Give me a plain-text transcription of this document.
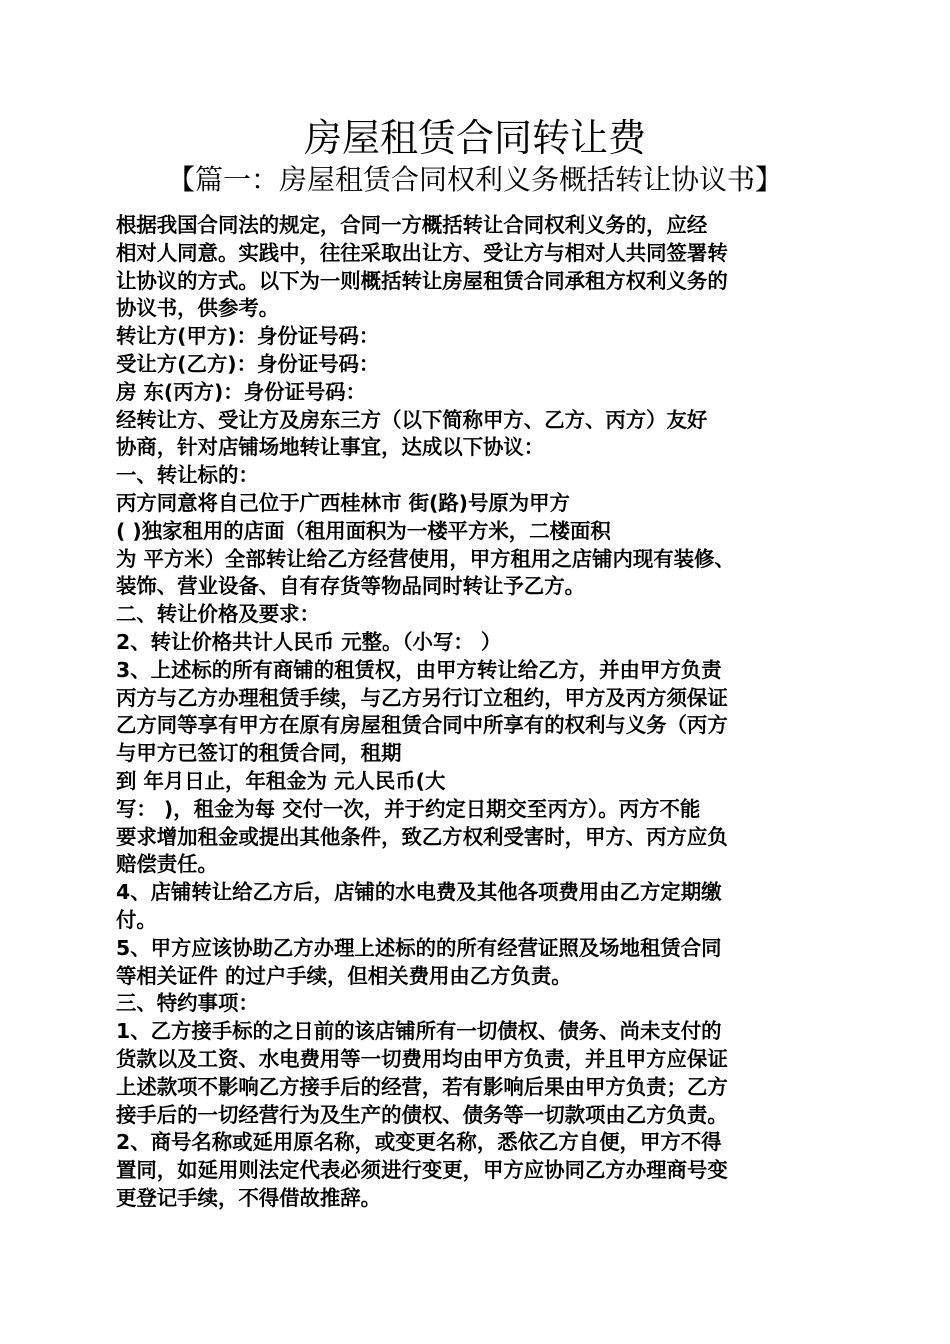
房屋租赁合同转让费
【篇一：房屋租赁合同权利义务概括转让协议书】
根据我国合同法的规定，合同一方概括转让合同权利义务的，应经
相对人同意。实践中，往往采取出让方、受让方与相对人共同签署转
让协议的方式。以下为一则概括转让房屋租赁合同承租方权利义务的
协议书，供参考。
转让方(甲方)：身份证号码：
受让方(乙方)：身份证号码：
房 东(丙方)：身份证号码：
经转让方、受让方及房东三方（以下简称甲方、乙方、丙方）友好
协商，针对店铺场地转让事宜，达成以下协议：
一、转让标的：
丙方同意将自己位于广西桂林市 街(路)号原为甲方
( )独家租用的店面（租用面积为一楼平方米，二楼面积
为 平方米）全部转让给乙方经营使用，甲方租用之店铺内现有装修、
装饰、营业设备、自有存货等物品同时转让予乙方。
二、转让价格及要求：
2、转让价格共计人民币 元整。（小写： ）
3、上述标的所有商铺的租赁权，由甲方转让给乙方，并由甲方负责
丙方与乙方办理租赁手续，与乙方另行订立租约，甲方及丙方须保证
乙方同等享有甲方在原有房屋租赁合同中所享有的权利与义务（丙方
与甲方已签订的租赁合同，租期
到 年月日止，年租金为 元人民币(大
写： )，租金为每 交付一次，并于约定日期交至丙方）。丙方不能
要求增加租金或提出其他条件，致乙方权利受害时，甲方、丙方应负
赔偿责任。
4、店铺转让给乙方后，店铺的水电费及其他各项费用由乙方定期缴
付。
5、甲方应该协助乙方办理上述标的的所有经营证照及场地租赁合同
等相关证件 的过户手续，但相关费用由乙方负责。
三、特约事项：
1、乙方接手标的之日前的该店铺所有一切债权、债务、尚未支付的
货款以及工资、水电费用等一切费用均由甲方负责，并且甲方应保证
上述款项不影响乙方接手后的经营，若有影响后果由甲方负责；乙方
接手后的一切经营行为及生产的债权、债务等一切款项由乙方负责。
2、商号名称或延用原名称，或变更名称，悉依乙方自便，甲方不得
置同，如延用则法定代表必须进行变更，甲方应协同乙方办理商号变
更登记手续，不得借故推辞。
